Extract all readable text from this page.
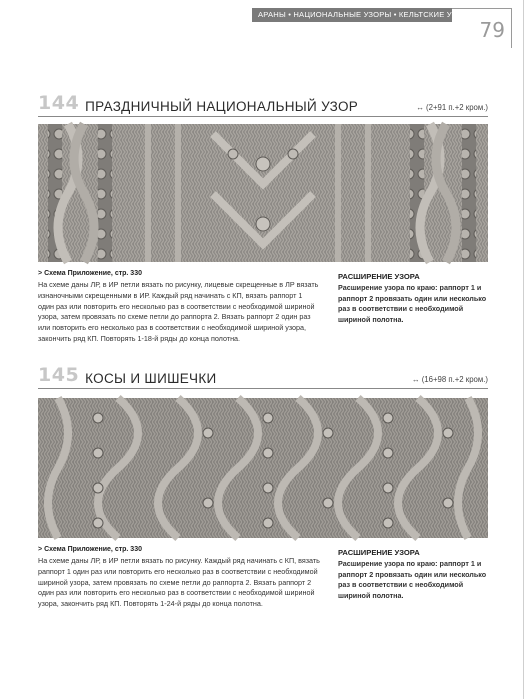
АРАНЫ • НАЦИОНАЛЬНЫЕ УЗОРЫ • КЕЛЬТСКИЕ УЗОРЫ
79
144 ПРАЗДНИЧНЫЙ НАЦИОНАЛЬНЫЙ УЗОР	↔ (2+91 п.+2 кром.)
> Схема Приложение, стр. 330
На схеме даны ЛР, в ИР петли вязать по рисунку, лицевые скрещенные в ЛР вязать изнаночными скрещенными в ИР. Каждый ряд начинать с КП, вязать раппорт 1 один раз или повторить его несколько раз в соответствии с необходимой шириной узора, затем провязать по схеме петли до раппорта 2. Вязать раппорт 2 один раз или повторить его несколько раз в соответствии с необходимой шириной узора, закончить ряд КП. Повторять 1-18-й ряды до конца полотна.
РАСШИРЕНИЕ УЗОРА
Расширение узора по краю: раппорт 1 и раппорт 2 провязать один или несколько раз в соответствии с необходимой шириной полотна.
145 КОСЫ И ШИШЕЧКИ	↔ (16+98 п.+2 кром.)
> Схема Приложение, стр. 330
На схеме даны ЛР, в ИР петли вязать по рисунку. Каждый ряд начинать с КП, вязать раппорт 1 один раз или повторить его несколько раз в соответствии с необходимой шириной узора, затем провязать по схеме петли до раппорта 2. Вязать раппорт 2 один раз или повторить его несколько раз в соответствии с необходимой шириной узора, закончить ряд КП. Повторять 1-24-й ряды до конца полотна.
РАСШИРЕНИЕ УЗОРА
Расширение узора по краю: раппорт 1 и раппорт 2 провязать один или несколько раз в соответствии с необходимой шириной полотна.
